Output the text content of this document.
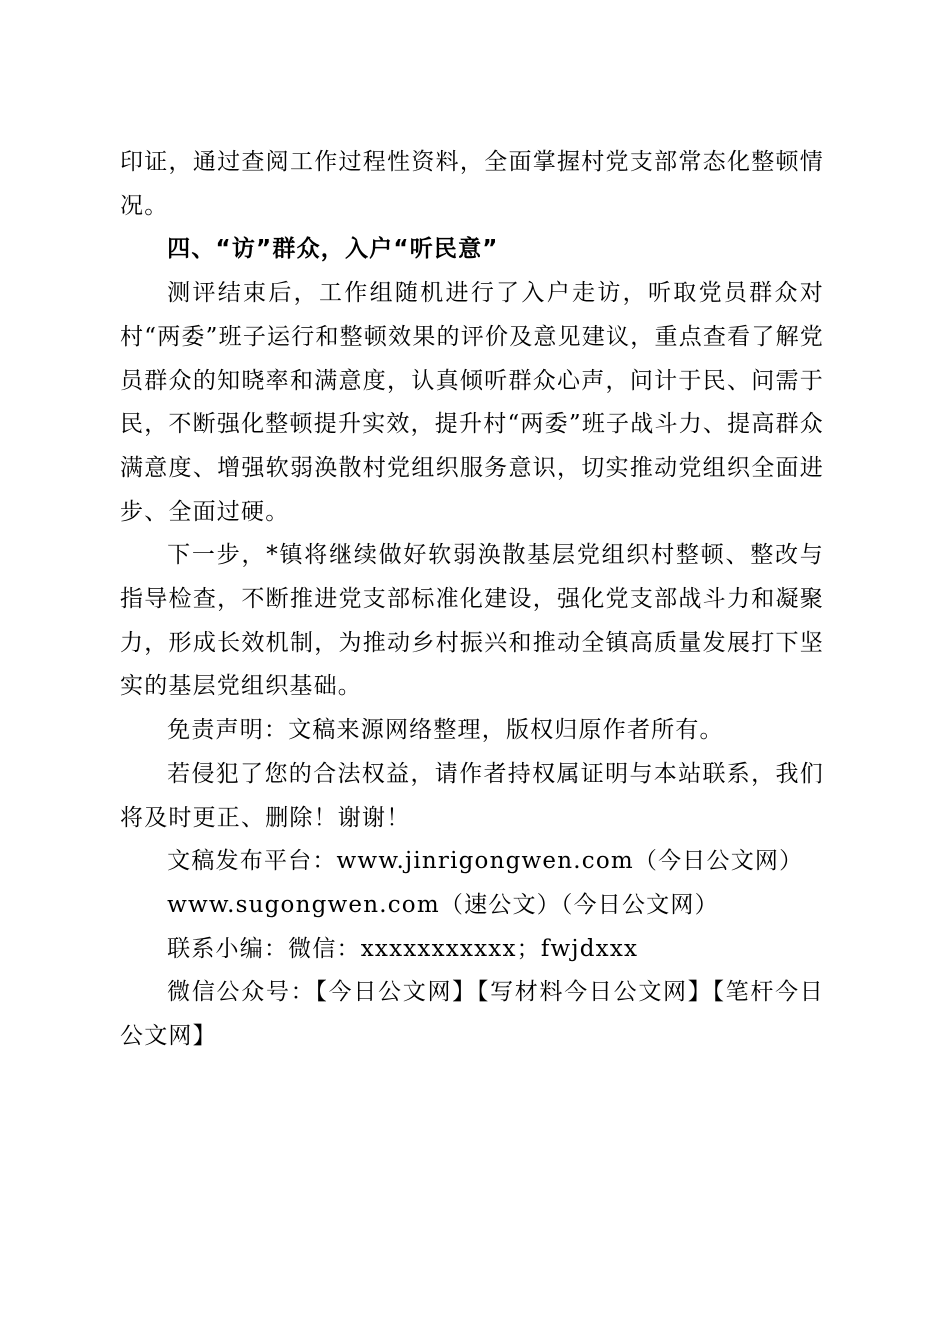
印证，通过查阅工作过程性资料，全面掌握村党支部常态化整顿情况。

四、“访”群众，入户“听民意”

测评结束后，工作组随机进行了入户走访，听取党员群众对村“两委”班子运行和整顿效果的评价及意见建议，重点查看了解党员群众的知晓率和满意度，认真倾听群众心声，问计于民、问需于民，不断强化整顿提升实效，提升村“两委”班子战斗力、提高群众满意度、增强软弱涣散村党组织服务意识，切实推动党组织全面进步、全面过硬。

下一步，*镇将继续做好软弱涣散基层党组织村整顿、整改与指导检查，不断推进党支部标准化建设，强化党支部战斗力和凝聚力，形成长效机制，为推动乡村振兴和推动全镇高质量发展打下坚实的基层党组织基础。

免责声明：文稿来源网络整理，版权归原作者所有。

若侵犯了您的合法权益，请作者持权属证明与本站联系，我们将及时更正、删除！谢谢！

文稿发布平台：www.jinrigongwen.com（今日公文网）

www.sugongwen.com（速公文）（今日公文网）

联系小编：微信：xxxxxxxxxxx；fwjdxxx

微信公众号：【今日公文网】【写材料今日公文网】【笔杆今日公文网】
